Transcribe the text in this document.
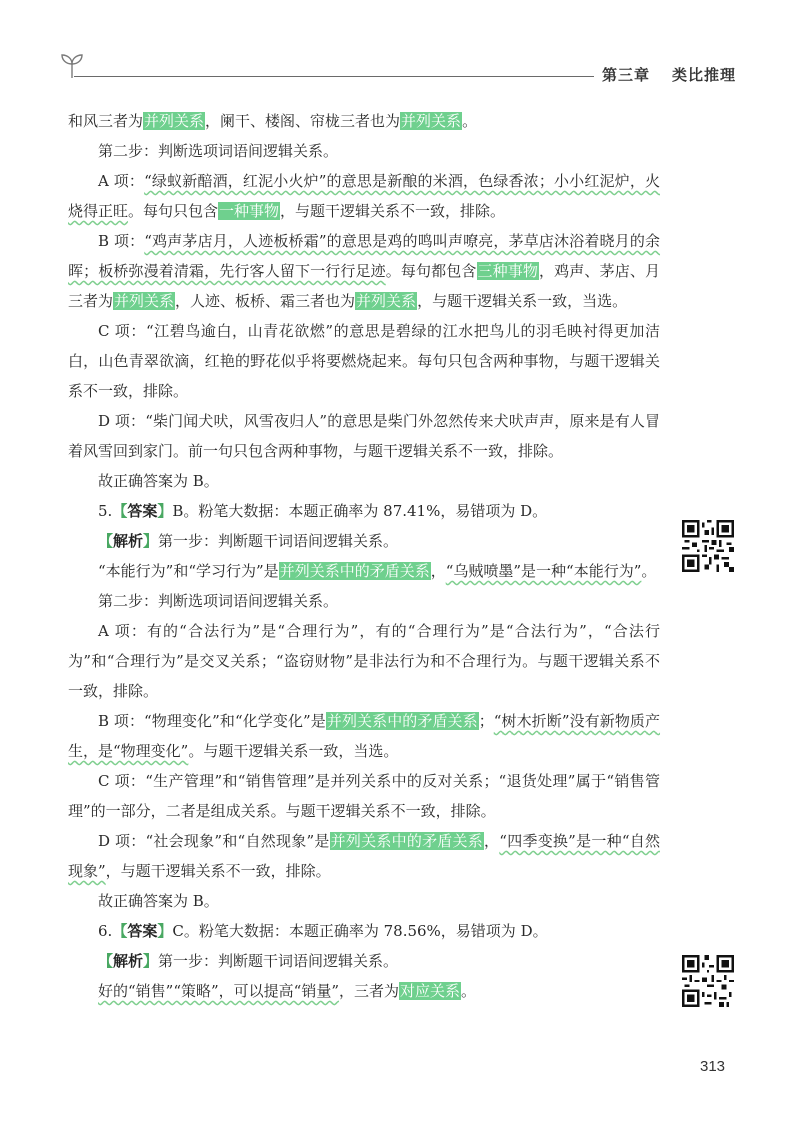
第三章 类比推理

和风三者为并列关系，阑干、楼阁、帘栊三者也为并列关系。

第二步：判断选项词语间逻辑关系。

A 项：“绿蚁新醅酒，红泥小火炉”的意思是新酿的米酒，色绿香浓；小小红泥炉，火烧得正旺。每句只包含一种事物，与题干逻辑关系不一致，排除。

B 项：“鸡声茅店月，人迹板桥霜”的意思是鸡的鸣叫声嘹亮，茅草店沐浴着晓月的余晖；板桥弥漫着清霜，先行客人留下一行行足迹。每句都包含三种事物，鸡声、茅店、月三者为并列关系，人迹、板桥、霜三者也为并列关系，与题干逻辑关系一致，当选。

C 项：“江碧鸟逾白，山青花欲燃”的意思是碧绿的江水把鸟儿的羽毛映衬得更加洁白，山色青翠欲滴，红艳的野花似乎将要燃烧起来。每句只包含两种事物，与题干逻辑关系不一致，排除。

D 项：“柴门闻犬吠，风雪夜归人”的意思是柴门外忽然传来犬吠声声，原来是有人冒着风雪回到家门。前一句只包含两种事物，与题干逻辑关系不一致，排除。

故正确答案为 B。

5.【答案】B。粉笔大数据：本题正确率为 87.41%，易错项为 D。

【解析】第一步：判断题干词语间逻辑关系。

“本能行为”和“学习行为”是并列关系中的矛盾关系，“乌贼喷墨”是一种“本能行为”。

第二步：判断选项词语间逻辑关系。

A 项：有的“合法行为”是“合理行为”，有的“合理行为”是“合法行为”，“合法行为”和“合理行为”是交叉关系；“盗窃财物”是非法行为和不合理行为。与题干逻辑关系不一致，排除。

B 项：“物理变化”和“化学变化”是并列关系中的矛盾关系；“树木折断”没有新物质产生，是“物理变化”。与题干逻辑关系一致，当选。

C 项：“生产管理”和“销售管理”是并列关系中的反对关系；“退货处理”属于“销售管理”的一部分，二者是组成关系。与题干逻辑关系不一致，排除。

D 项：“社会现象”和“自然现象”是并列关系中的矛盾关系，“四季变换”是一种“自然现象”，与题干逻辑关系不一致，排除。

故正确答案为 B。

6.【答案】C。粉笔大数据：本题正确率为 78.56%，易错项为 D。

【解析】第一步：判断题干词语间逻辑关系。

好的“销售”“策略”，可以提高“销量”，三者为对应关系。

313
